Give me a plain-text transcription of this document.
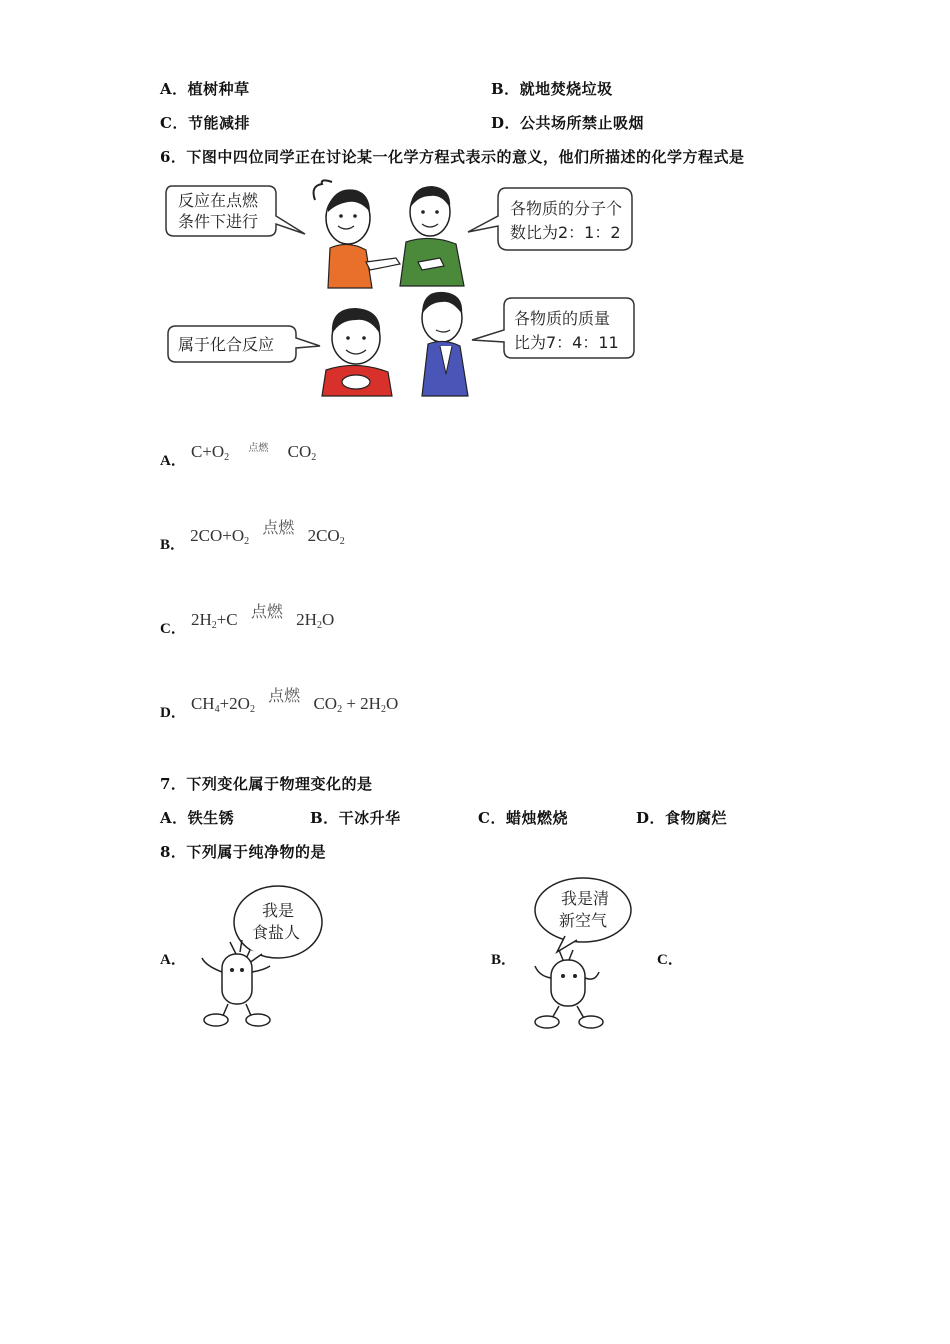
A．植树种草	B．就地焚烧垃圾
C．节能减排	D．公共场所禁止吸烟
6．下图中四位同学正在讨论某一化学方程式表示的意义，他们所描述的化学方程式是
反应在点燃
条件下进行
各物质的分子个
数比为2：1：2
属于化合反应
各物质的质量
比为7：4：11
A． $C+O_2$
点燃	$CO_2$
B． $2CO+O_2$
点燃 $2CO_2$
C． $2H_2+C$ 点燃 $2H_2O$
D． $CH_4+2O_2$
点燃 $CO_2 + 2H_2O$
7．下列变化属于物理变化的是
A．铁生锈	B．干冰升华	C．蜡烛燃烧	D．食物腐烂
8．下列属于纯净物的是
A．
我是
食盐人
B．
我是清
新空气
C．
